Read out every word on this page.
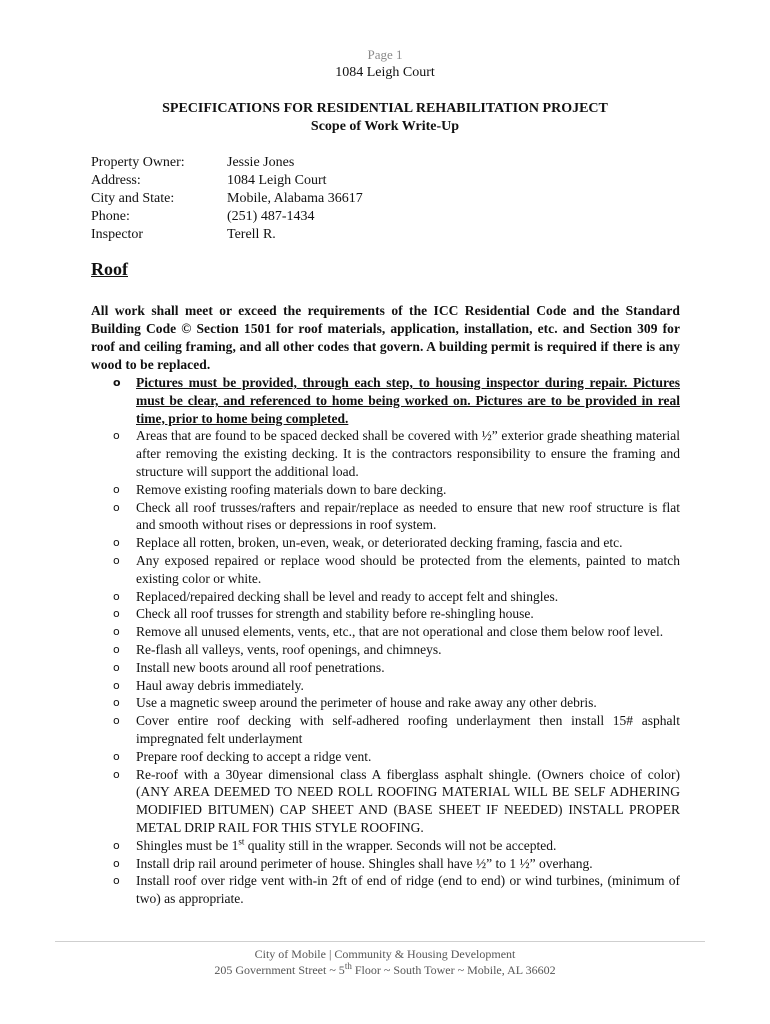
Page 1
1084 Leigh Court
SPECIFICATIONS FOR RESIDENTIAL REHABILITATION PROJECT
Scope of Work Write-Up
Property Owner:	Jessie Jones
Address:	1084 Leigh Court
City and State:	Mobile, Alabama 36617
Phone:	(251) 487-1434
Inspector	Terell R.
Roof
All work shall meet or exceed the requirements of the ICC Residential Code and the Standard Building Code © Section 1501 for roof materials, application, installation, etc. and Section 309 for roof and ceiling framing, and all other codes that govern. A building permit is required if there is any wood to be replaced.
o Pictures must be provided, through each step, to housing inspector during repair. Pictures must be clear, and referenced to home being worked on. Pictures are to be provided in real time, prior to home being completed.
o Areas that are found to be spaced decked shall be covered with ½” exterior grade sheathing material after removing the existing decking. It is the contractors responsibility to ensure the framing and structure will support the additional load.
o Remove existing roofing materials down to bare decking.
o Check all roof trusses/rafters and repair/replace as needed to ensure that new roof structure is flat and smooth without rises or depressions in roof system.
o Replace all rotten, broken, un-even, weak, or deteriorated decking framing, fascia and etc.
o Any exposed repaired or replace wood should be protected from the elements, painted to match existing color or white.
o Replaced/repaired decking shall be level and ready to accept felt and shingles.
o Check all roof trusses for strength and stability before re-shingling house.
o Remove all unused elements, vents, etc., that are not operational and close them below roof level.
o Re-flash all valleys, vents, roof openings, and chimneys.
o Install new boots around all roof penetrations.
o Haul away debris immediately.
o Use a magnetic sweep around the perimeter of house and rake away any other debris.
o Cover entire roof decking with self-adhered roofing underlayment then install 15# asphalt impregnated felt underlayment
o Prepare roof decking to accept a ridge vent.
o Re-roof with a 30year dimensional class A fiberglass asphalt shingle. (Owners choice of color) (ANY AREA DEEMED TO NEED ROLL ROOFING MATERIAL WILL BE SELF ADHERING MODIFIED BITUMEN) CAP SHEET AND (BASE SHEET IF NEEDED) INSTALL PROPER METAL DRIP RAIL FOR THIS STYLE ROOFING.
o Shingles must be 1st quality still in the wrapper. Seconds will not be accepted.
o Install drip rail around perimeter of house. Shingles shall have ½” to 1 ½” overhang.
o Install roof over ridge vent with-in 2ft of end of ridge (end to end) or wind turbines, (minimum of two) as appropriate.
City of Mobile | Community & Housing Development
205 Government Street ~ 5th Floor ~ South Tower ~ Mobile, AL 36602
